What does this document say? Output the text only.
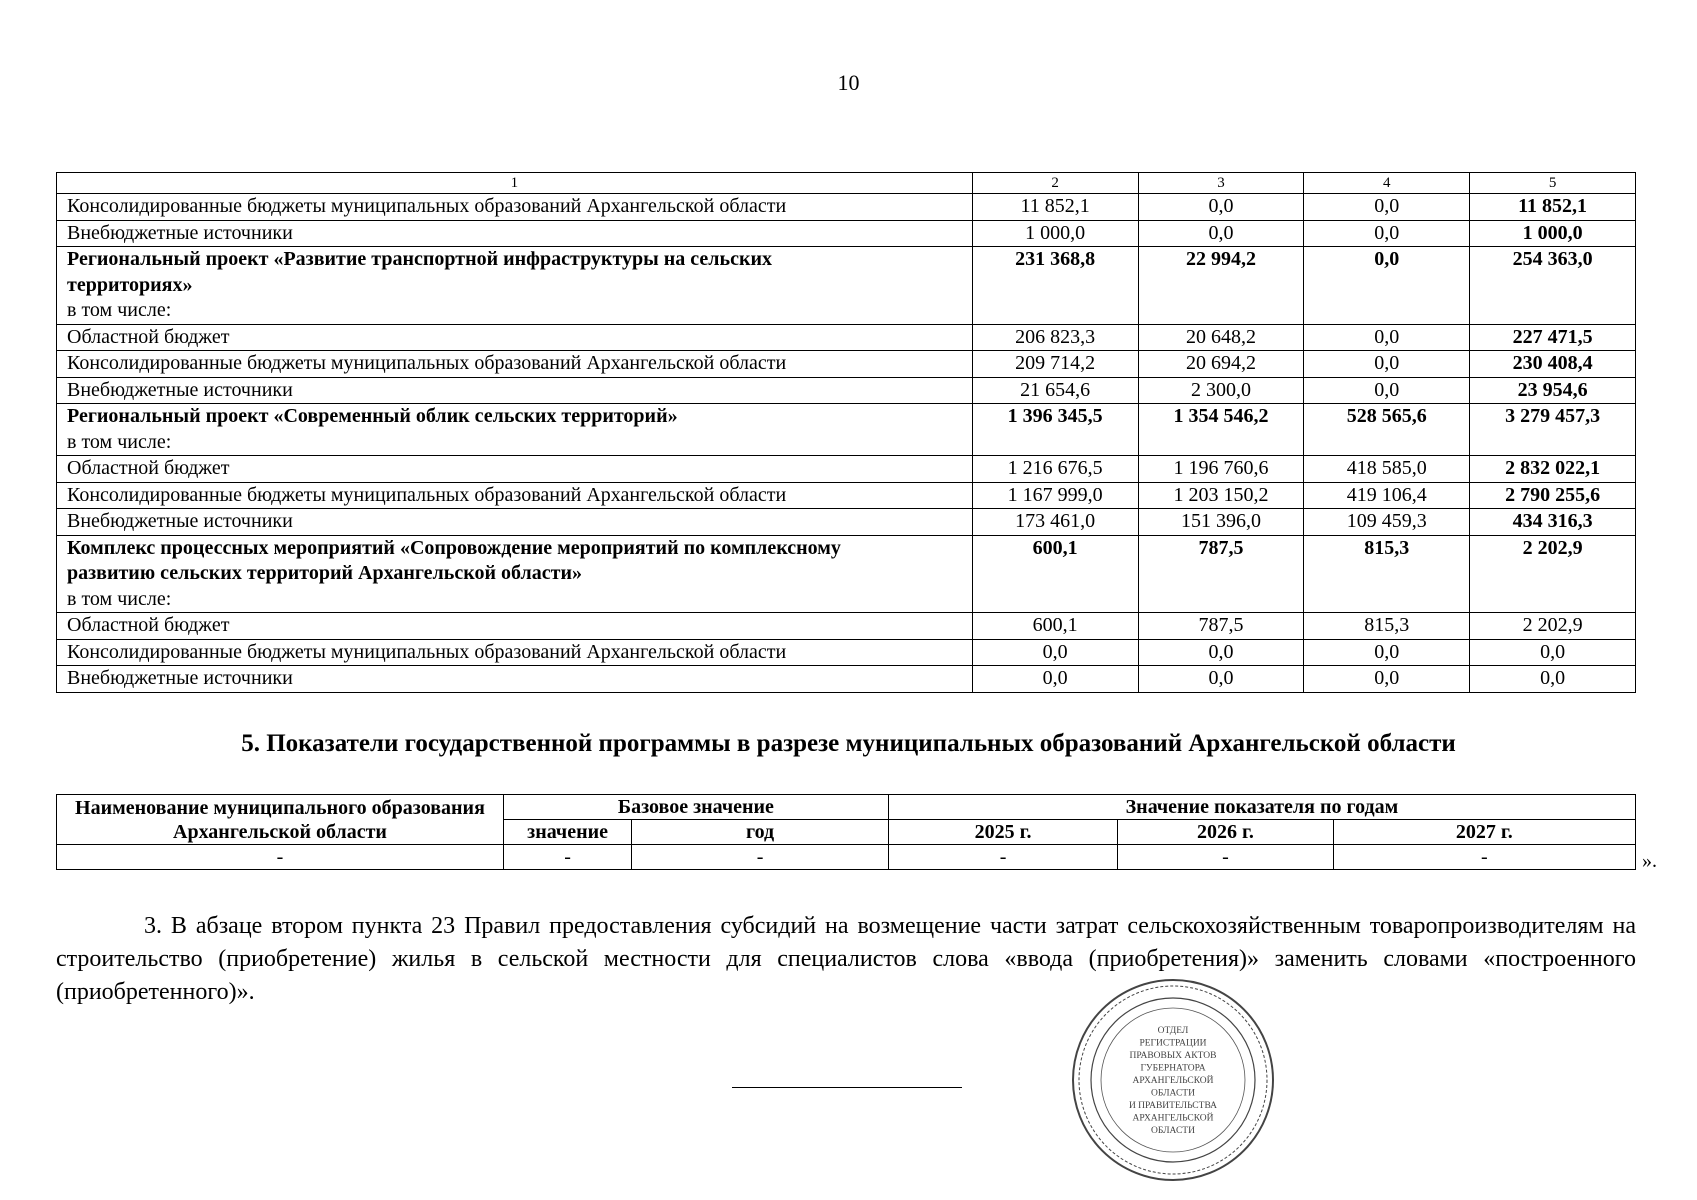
10
1	2	3	4	5

Консолидированные бюджеты муниципальных образований Архангельской области	11 852,1	0,0	0,0	11 852,1

Внебюджетные источники	1 000,0	0,0	0,0	1 000,0

Региональный проект «Развитие транспортной инфраструктуры на сельских
территориях»
в том числе:	231 368,8	22 994,2	0,0	254 363,0

Областной бюджет	206 823,3	20 648,2	0,0	227 471,5

Консолидированные бюджеты муниципальных образований Архангельской области	209 714,2	20 694,2	0,0	230 408,4

Внебюджетные источники	21 654,6	2 300,0	0,0	23 954,6

Региональный проект «Современный облик сельских территорий»
в том числе:	1 396 345,5	1 354 546,2	528 565,6	3 279 457,3

Областной бюджет	1 216 676,5	1 196 760,6	418 585,0	2 832 022,1

Консолидированные бюджеты муниципальных образований Архангельской области	1 167 999,0	1 203 150,2	419 106,4	2 790 255,6

Внебюджетные источники	173 461,0	151 396,0	109 459,3	434 316,3

Комплекс процессных мероприятий «Сопровождение мероприятий по комплексному
развитию сельских территорий Архангельской области»
в том числе:	600,1	787,5	815,3	2 202,9

Областной бюджет	600,1	787,5	815,3	2 202,9

Консолидированные бюджеты муниципальных образований Архангельской области	0,0	0,0	0,0	0,0

Внебюджетные источники	0,0	0,0	0,0	0,0
5. Показатели государственной программы в разрезе муниципальных образований Архангельской области
Наименование муниципального образования Архангельской области	Базовое значение		Значение показателя по годам		
	значение	год	2025 г.	2026 г.	2027 г.
-	-	-	-	-	-	».
3. В абзаце втором пункта 23 Правил предоставления субсидий на возмещение части затрат сельскохозяйственным товаропроизводителям на строительство (приобретение) жилья в сельской местности для специалистов слова «ввода (приобретения)» заменить словами «построенного (приобретенного)».
ОТДЕЛ
РЕГИСТРАЦИИ
ПРАВОВЫХ АКТОВ
ГУБЕРНАТОРА
АРХАНГЕЛЬСКОЙ
ОБЛАСТИ
И ПРАВИТЕЛЬСТВА
АРХАНГЕЛЬСКОЙ
ОБЛАСТИ
